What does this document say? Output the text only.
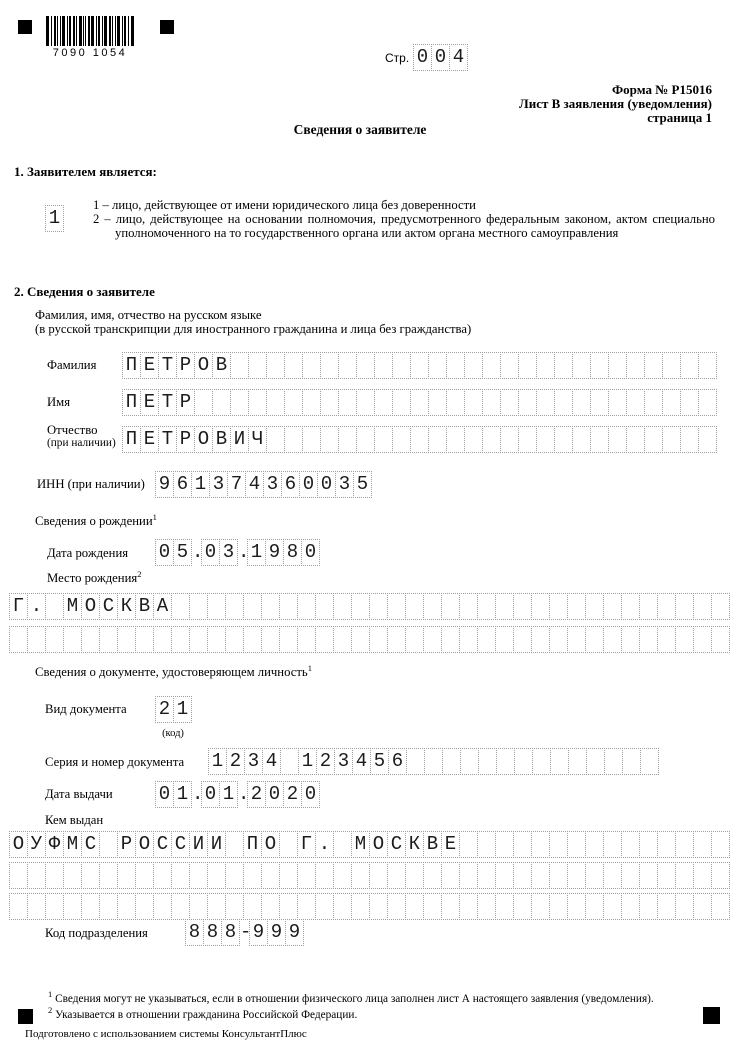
7090 1054	Стр. 0 0 4
Форма № Р15016
Лист В заявления (уведомления)
страница 1
Сведения о заявителе
1. Заявителем является:
1
1 – лицо, действующее от имени юридического лица без доверенности
2 – лицо, действующее на основании полномочия, предусмотренного федеральным законом, актом специально уполномоченного на то государственного органа или актом органа местного самоуправления
2. Сведения о заявителе
Фамилия, имя, отчество на русском языке
(в русской транскрипции для иностранного гражданина и лица без гражданства)
Фамилия П Е Т Р О В
Имя	П Е Т Р
Отчество
(при наличии) П Е Т Р О В И Ч
ИНН (при наличии) 9 6 1 3 7 4 3 6 0 0 3 5
Сведения о рождении$^1$
Дата рождения 0 5 . 0 3 . 1 9 8 0
Место рождения$^2$
Г . М О С К В А
Сведения о документе, удостоверяющем личность$^1$
Вид документа 2 1
(код)
Серия и номер документа 1 2 3 4 1 2 3 4 5 6
Дата выдачи 0 1 . 0 1 . 2 0 2 0
Кем выдан
О У Ф М С Р О С С И И П О Г . М О С К В Е
Код подразделения 8 8 8 - 9 9 9
$^1$ Сведения могут не указываться, если в отношении физического лица заполнен лист А настоящего заявления (уведомления).
$^2$ Указывается в отношении гражданина Российской Федерации.
Подготовлено с использованием системы КонсультантПлюс
